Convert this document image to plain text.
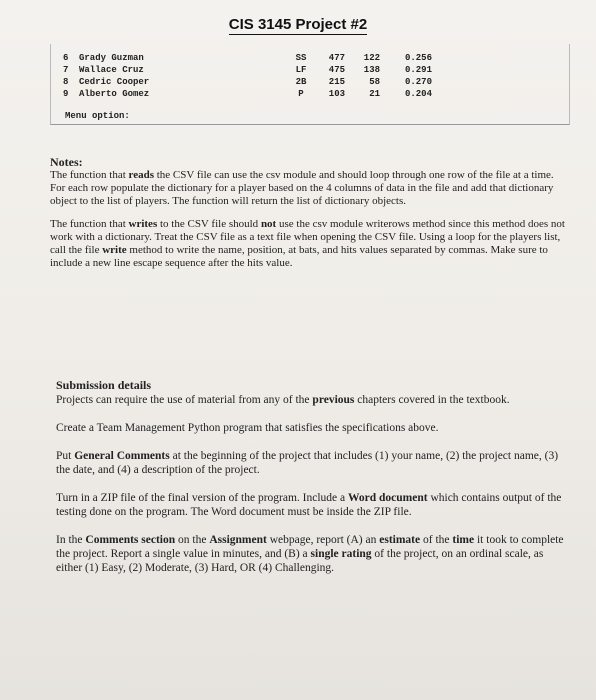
CIS 3145 Project #2
6	Grady Guzman	SS	477	122	0.256
7	Wallace Cruz	LF	475	138	0.291
8	Cedric Cooper	2B	215	58	0.270
9	Alberto Gomez	P	103	21	0.204
Menu option:
Notes:

The function that reads the CSV file can use the csv module and should loop through one row of the file at a time. For each row populate the dictionary for a player based on the 4 columns of data in the file and add that dictionary object to the list of players. The function will return the list of dictionary objects.

The function that writes to the CSV file should not use the csv module writerows method since this method does not work with a dictionary. Treat the CSV file as a text file when opening the CSV file. Using a loop for the players list, call the file write method to write the name, position, at bats, and hits values separated by commas. Make sure to include a new line escape sequence after the hits value.

Submission details

Projects can require the use of material from any of the previous chapters covered in the textbook.

Create a Team Management Python program that satisfies the specifications above.

Put General Comments at the beginning of the project that includes (1) your name, (2) the project name, (3) the date, and (4) a description of the project.

Turn in a ZIP file of the final version of the program. Include a Word document which contains output of the testing done on the program. The Word document must be inside the ZIP file.

In the Comments section on the Assignment webpage, report (A) an estimate of the time it took to complete the project. Report a single value in minutes, and (B) a single rating of the project, on an ordinal scale, as either (1) Easy, (2) Moderate, (3) Hard, OR (4) Challenging.
